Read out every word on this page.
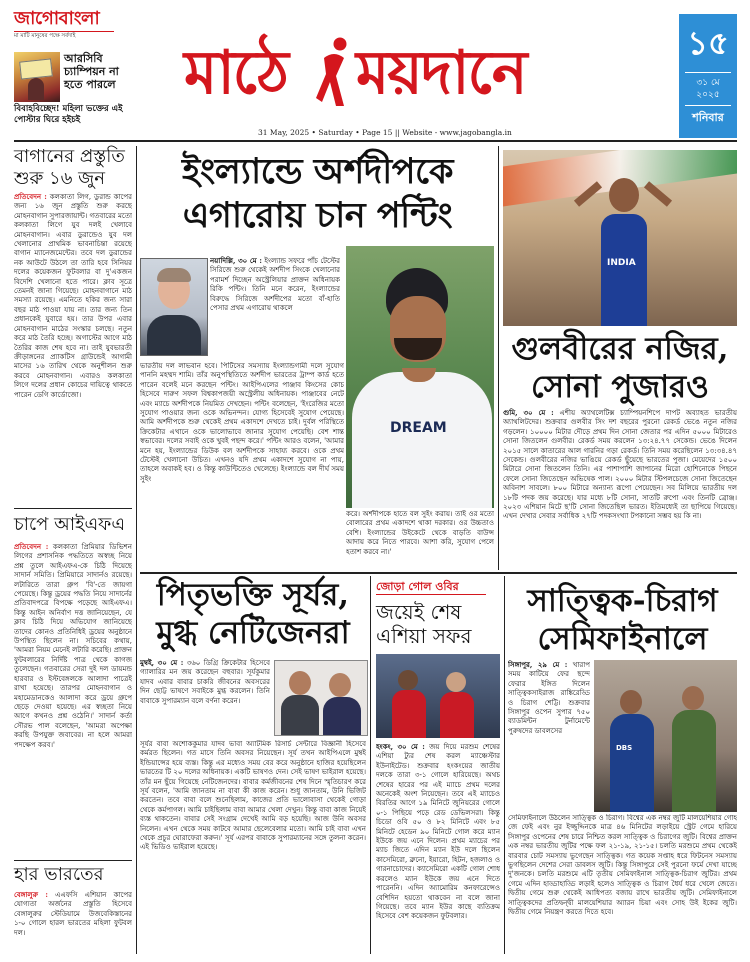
জাগোবাংলা
মা মাটি মানুষের পক্ষে সর্বদাই
আরসিবি চ্যাম্পিয়ন না হতে পারলে
বিবাহবিচ্ছেদ! মহিলা ভক্তের এই পোস্টার ঘিরে হইচই
মাঠে ময়দানে
31 May, 2025 • Saturday • Page 15 || Website - www.jagobangla.in
১৫
৩১ মে ২০২৫
শনিবার
বাগানের প্রস্তুতি শুরু ১৬ জুন
প্রতিবেদন : কলকাতা লিগ, ডুরান্ড কাপের জন্য ১৬ জুন প্রস্তুতি শুরু করছে মোহনবাগান সুপারজায়ান্ট। গতবারের মতো কলকাতা লিগে যুব দলই খেলাবে মোহনবাগান। এবার ডুরান্ডেও যুব দল খেলানোর প্রাথমিক ভাবনাচিন্তা রয়েছে বাগান ম্যানেজমেন্টের। তবে দল ডুরান্ডের নক আউটে উঠলে তা তারি হবে সিনিয়র দলের কয়েকজন ফুটবলার বা দু'একজন বিদেশি খেলানো হতে পারে। ক্লাব সূত্রে তেমনই জানা গিয়েছে। মোহনবাগানে মাঠ সমস্যা রয়েছে। এমনিতে হকির জন্য সারা বছর মাঠ পাওয়া যায় না। তার জন্য তিন প্রধানকেই যুবারে হয়। তার উপর এবার মোহনবাগান মাঠের সংস্কার চলছে। নতুন করে মাঠ তৈরি হচ্ছে। অগাস্টের আগে মাঠ তৈরির কাজ শেষ হবে না। তাই যুবভারতী ক্রীড়াঙ্গনের প্র্যাকটিস গ্রাউন্ডেই আগামী মাসের ১৬ তারিখ থেকে অনুশীলন শুরু করবে মোহনবাগান। এবারও কলকাতা লিগে দলের প্রধান কোচের দায়িত্বে থাকতে পারেন ডেগি কার্ডোজো।
চাপে আইএফএ
প্রতিবেদন : কলকাতা প্রিমিয়ার ডিভিশন লিগের প্রশাসনিক পদ্ধতিতে অস্বচ্ছ নিয়ে প্রশ্ন তুলে আইএফএ-কে চিঠি দিয়েছে সাদার্ন সমিতি। প্রিমিয়ারে সাদার্নও রয়েছে। লটারিতে তারা গ্রুপ 'বি'-তে জায়গা পেয়েছে। কিন্তু ড্রয়ের পদ্ধতি নিয়ে সাদার্নের প্রতিবাদপত্রে বিপক্ষে পড়েছে আইএফএ। কিন্তু আইন অনির্বাণ দত্ত জানিয়েছেন, যে ক্লাব চিঠি দিয়ে অভিযোগ জানিয়েছে তাদের কোনও প্রতিনিধিই ড্রয়ের অনুষ্ঠানে উপস্থিত ছিলেন না। সচিবের কথায়, 'আমরা নিয়ম মেনেই লটারি করেছি। প্রাক্তন ফুটবলারের নির্দিষ্ট পাত্র থেকে কাগজ তুলেছেন। গতবারের সেরা দুই দল ডায়মন্ড হারবার ও ইস্টবেঙ্গলকে আলাদা পাত্রেই রাখা হয়েছে। তারপর মোহনবাগান ও মহামেডানকেও আলাদা করে ড্রয়ে গ্রুপে ছেড়ে দেওয়া হয়েছে। এর স্বচ্ছতা নিয়ে আগে কখনও প্রশ্ন ওঠেনি।' সাদার্ন কর্তা সৌরভ পাল বলেছেন, 'আমরা অপেক্ষা করছি উপযুক্ত জবাবের। না হলে আমরা পদক্ষেপ করব।'
হার ভারতের
বেঙ্গালুরু : এএফসি এশিয়ান কাপের যোগ্যতা অর্জনের প্রস্তুতি হিসেবে বেঙ্গালুরুর স্টেডিয়ামে উজবেকিস্তানের ১-০ গোলে হারল ভারতের মহিলা ফুটবল দল।
ইংল্যান্ডে অর্শদীপকে এগারোয় চান পন্টিং
নয়াদিল্লি, ৩০ মে : ইংল্যান্ড সফরে পাঁচ টেস্টের সিরিজে শুরু থেকেই অর্শদীপ সিংকে খেলানোর পরামর্শ দিচ্ছেন অস্ট্রেলিয়ার প্রাক্তন অধিনায়ক রিকি পন্টিং। তিনি মনে করেন, ইংল্যান্ডের বিরুদ্ধে সিরিজে অর্শদীপের মতো বাঁ-হাতি পেসার প্রথম এগারোয় থাকলে
ভারতীয় দল লাভবান হবে। পিটিসের সমস্যায় ইংল্যান্ডগামী দলে সুযোগ পাননি মহম্মদ শামি। তাঁর অনুপস্থিতিতে অর্শদীপ ভারতের ট্রাম্প কার্ড হতে পারেন বলেই মনে করছেন পন্টিং। আইপিএলের পাঞ্জাব কিংসের কোচ হিসেবে দারুণ সফল বিশ্বকাপজয়ী অস্ট্রেলীয় অধিনায়ক। পাঞ্জাবের নেটে এবং ম্যাচে অর্শদীপকে নিয়মিত দেখছেন। পন্টিং বলেছেন, 'ইংরেজির মতো সুযোগ পাওয়ার জন্য ওকে অভিনন্দন। যোগ্য হিসেবেই সুযোগ পেয়েছে। আমি অর্শদীপকে শুরু থেকেই প্রথম একাদশে দেখতে চাই। দুর্বল পরিস্থিতে ক্রিকেটার এখানে ওকে ভালোভাবে জানার সুযোগ পেয়েছি। বেশ শান্ত স্বভাবের। দলের সবাই ওকে খুবই পছন্দ করে।' পন্টিং আরও বলেন, 'আমার মনে হয়, ইংল্যান্ডের ডিউক বল অর্শদীপকে সাহায্য করবে। ওকে প্রথম টেস্টেই খেলানো উচিত। এখনও যদি প্রথম একাদশে সুযোগ না পায়, তাহলে অবাকই হব। ও কিন্তু কাউন্টিতেও খেলেছে। ইংল্যান্ডে বল দীর্ঘ সময় সুইং
DREAM
করে। অর্শদীপকে হাতে বল সুইং করায়। তাই ওর মতো বোলারের প্রথম একাদশে থাকা দরকার। ওর উচ্চতাও বেশি। ইংল্যান্ডের উইকেটে থেকে বাড়তি বাউন্স আদায় করে নিতে পারবে। আশা করি, সুযোগ পেলে হতাশ করবে না।'
INDIA
গুলবীরের নজির, সোনা পুজারও
গুমি, ৩০ মে : এশীয় অ্যাথলেটিক্স চ্যাম্পিয়নশিপে দাপট অব্যাহত ভারতীয় অ্যাথলিটদের। শুক্রবার গুলবীর সিং দশ বছরের পুরনো রেকর্ড ভেঙে নতুন নজির গড়লেন। ১০০০০ মিটার দৌড়ে প্রথম দিন সোনা জেতার পর এদিন ৫০০০ মিটারেও সোনা জিতলেন গুলবীর। রেকর্ড সময় করলেন ১৩:২৪.৭৭ সেকেন্ড। ভেঙে দিলেন ২০১৫ সালে কাতারের আল গারনির গড়া রেকর্ড। তিনি সময় করেছিলেন ১৩:৩৪.৪৭ সেকেন্ড। গুলবীরের নজির ভাঙিয়ে রেকর্ড ছুঁয়েছে ভারতের পুজা। মেয়েদের ১৫০০ মিটারে সোনা জিতলেন তিনি। এর পাশাপাশি জাপানের মিরো হোশিনোকে পিছনে ফেলে সোনা জিতেছেন অভিষেক পাল। ২০০০ মিটার স্টিপলচেজে সোনা জিতেছেন অবিনাশ সাবলে। ৮০০ মিটারে অন্যান্য রূপো পেয়েছেন। সব মিলিয়ে ভারতীয় দল ১৮টি পদক জয় করেছে। যার মধ্যে ৮টি সোনা, সাতটি রুপো এবং তিনটি ব্রোঞ্জ। ২০২৩ এশিয়ান মিটে ছ'টি সোনা জিতেছিল ভারত। ইতিমধ্যেই তা ছাপিয়ে গিয়েছে। এখন দেখার সেবার সর্বাধিক ২৭টি পদকসংখ্যা টপকানো সম্ভব হয় কি না।
পিতৃভক্তি সূর্যর, মুগ্ধ নেটিজেনরা
মুম্বই, ৩০ মে : ৩৬০ ডিগ্রি ক্রিকেটার হিসেবে গ্যালারির মন জয় করেছেন বহুবার। সূর্যকুমার যাদব এবার বাবার চাকরি জীবনের অবসরের দিন ছোট্ট ভাষণে সবাইকে মুগ্ধ করলেন। তিনি বাবাকে সুপারম্যান বলে বর্ণনা করেন।
সূর্যর বাবা অশোককুমার যাদব ভাবা অ্যাটমিক রিসার্চ সেন্টারে বিজ্ঞানী হিসেবে কর্মরত ছিলেন। গত মাসে তিনি অবসর নিয়েছেন। সূর্য তখন আইপিএলে মুম্বই ইন্ডিয়ান্সের হয়ে ব্যস্ত। কিন্তু এর মধ্যেও সময় বের করে অনুষ্ঠানে হাজির হয়েছিলেন ভারতের টি ২০ দলের অধিনায়ক। একটি ভাষণও দেন। সেই ভাষণ ভাইরাল হয়েছে। তাঁর মন ছুঁয়ে গিয়েছে নেটিজেনদের। বাবার কর্মজীবনের শেষ দিনে স্মৃতিচারণ করে সূর্য বলেন, 'আমি জানতাম না বাবা কী কাজ করেন। শুধু জানতাম, উনি ভিজিট করতেন। তবে বাবা বলে শুনেছিলাম, কাজের প্রতি ভালোবাসা থেকেই গোড়া থেকে কর্মপাগল। আমি চাইছিলাম বাবা আমার খেলা দেখুন। কিন্তু বাবা কাজ নিয়েই ব্যস্ত থাকতেন। বাবার সেই সংগ্রাম দেখেই আমি বড় হয়েছি। আজ উনি অবসর নিলেন। এখন থেকে সময় কাটবে আমার ছেলেবেলার মতো। আমি চাই বাবা এখন থেকে প্রচুর ঘোরাফেরা করুন।' সূর্য এরপর বাবাকে সুপারম্যানের সঙ্গে তুলনা করেন। এই ভিডিও ভাইরাল হয়েছে।
জোড়া গোল ওবির
জয়েই শেষ এশিয়া সফর
হংকং, ৩০ মে : জয় দিয়ে মরশুম শেষের এশিয়া ট্যুর শেষ করল ম্যাঞ্চেস্টার ইউনাইটেড। শুক্রবার হংকংয়ের জাতীয় দলকে তারা ৩-১ গোলে হারিয়েছে। অথচ শেষের হারের পর এই ম্যাচে প্রথম দলের অনেকেই অংশ নিয়েছেন। তবে এই ম্যাচেও বিরতির আগে ১৯ মিনিটে জুনিয়রের গোলে ০-১ পিছিয়ে পড়ে রেড ডেভিলসরা। কিন্তু চিডো ওবি ৫০ ও ৮২ মিনিটে এবং ৮৫ মিনিটে হেডেন ৯০ মিনিটে গোল করে ম্যান ইউকে জয় এনে দিলেন। প্রথম ম্যাচের পর ম্যাচ জিতে এদিন ম্যান ইউ দলে ছিলেন কাসেমিরো, ব্রুনো, ইয়ারো, হিটন, হজলাও ও গারনাচোদের। ক্যাসেমিরো একটি গোল শোধ করলেও ম্যান ইউকে জয় এনে দিতে পারেননি। এদিন অ্যামোরিম কনফারেন্সেও বেশিদিন হয়তো থাকবেন না বলে জানা গিয়েছে। তবে ম্যান ইউর কাছে ব্যতিক্রম হিসেবে বেশ কয়েকজন ফুটবলার।
সাত্ত্বিক-চিরাগ সেমিফাইনালে
সিঙ্গাপুর, ২৯ মে : খারাপ সময় কাটিয়ে ফের ছন্দে ফেরার ইঙ্গিত দিলেন সাত্ত্বিকসাইরাজ রাঙ্কিরেড্ডি ও চিরাগ শেট্টি। শুক্রবার সিঙ্গাপুর ওপেন সুপার ৭৫০ ব্যাডমিন্টন টুর্নামেন্টে পুরুষদের ডাবলসের
DBS
সেমিফাইনালে উঠলেন সাত্ত্বিক ও চিরাগ। বিশ্বের এক নম্বর জুটি মালয়েশিয়ার গোহ জে ফেই এবং নুর ইজ্জুদ্দিনকে মাত্র ৪৬ মিনিটের লড়াইয়ে স্ট্রেট গেমে হারিয়ে সিঙ্গাপুর ওপেনের শেষ চারে নিশ্চিত করল সাত্ত্বিক ও চিরাগের জুটি। বিশ্বের প্রাক্তন এক নম্বর ভারতীয় জুটির পক্ষে ফল ২১-১৯, ২১-১৫। চলতি মরশুমে প্রথম থেকেই বারবার চোট সমস্যায় ভুগেছেন সাত্ত্বিক। গত কয়েক সপ্তাহ ধরে ফিটনেস সমস্যায় ভুগছিলেন দেশের সেরা ডাবলস জুটি। কিন্তু সিঙ্গাপুরে সেই পুরনো ফর্মে দেখা যাচ্ছে দু'জনকে। চলতি মরশুমে এটি তৃতীয় সেমিফাইনাল সাত্ত্বিক-চিরাগ জুটির। প্রথম গেমে এদিন হাড্ডাহাড্ডি লড়াই হলেও সাত্ত্বিক ও চিরাগ ধৈর্য ধরে খেলে জেতে। দ্বিতীয় গেমে শুরু থেকেই আধিপত্য বজায় রাখে ভারতীয় জুটি। সেমিফাইনালে সাত্ত্বিকদের প্রতিদ্বন্দ্বী মালয়েশিয়ার অ্যারন চিয়া এবং সোহ উই ইকের জুটি। দ্বিতীয় গেমে নিয়ন্ত্রণ করতে দিতে হবে।
